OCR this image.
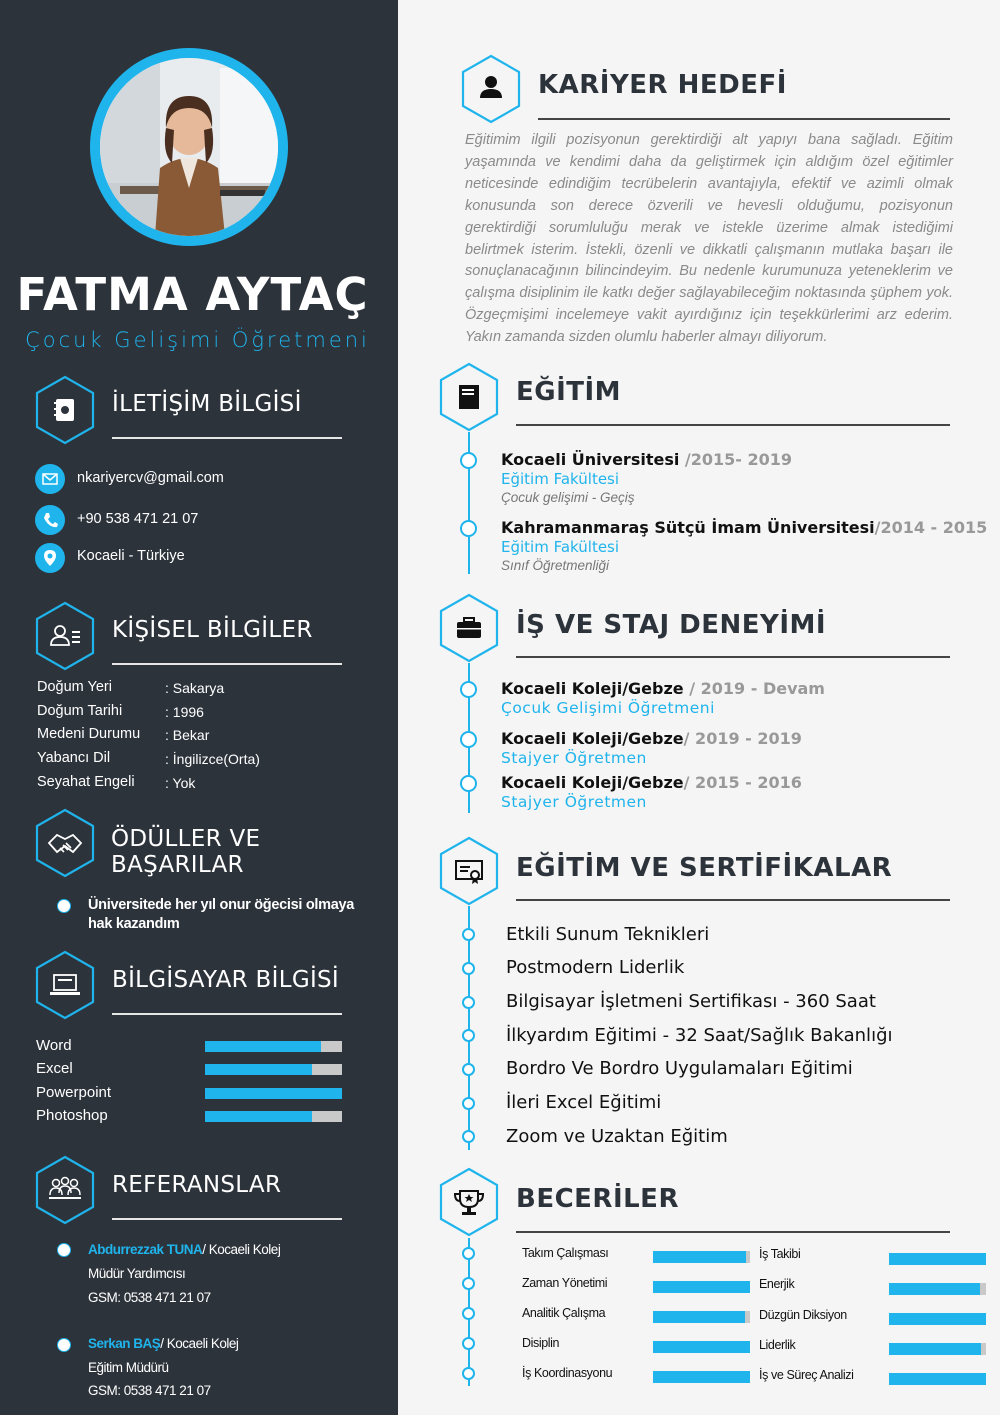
FATMA AYTAÇ
Çocuk Gelişimi Öğretmeni
İLETİŞİM BİLGİSİ
nkariyercv@gmail.com
+90 538 471 21 07
Kocaeli - Türkiye
KİŞİSEL BİLGİLER
Doğum Yeri	: Sakarya
Doğum Tarihi	: 1996
Medeni Durumu : Bekar
Yabancı Dil	: İngilizce(Orta)
Seyahat Engeli : Yok
ÖDÜLLER VE BAŞARILAR
Üniversitede her yıl onur öğecisi olmaya
hak kazandım
BİLGİSAYAR BİLGİSİ
Word
Excel
Powerpoint
Photoshop
REFERANSLAR
Abdurrezzak TUNA/ Kocaeli Kolej
Müdür Yardımcısı
GSM: 0538 471 21 07
Serkan BAŞ/ Kocaeli Kolej
Eğitim Müdürü
GSM: 0538 471 21 07
KARİYER HEDEFİ
Eğitimim ilgili pozisyonun gerektirdiği alt yapıyı bana sağladı. Eğitim yaşamında ve kendimi daha da geliştirmek için aldığım özel eğitimler neticesinde edindiğim tecrübelerin avantajıyla, efektif ve azimli olmak konusunda son derece özverili ve hevesli olduğumu, pozisyonun gerektirdiği sorumluluğu merak ve istekle üzerime almak istediğimi belirtmek isterim. İstekli, özenli ve dikkatli çalışmanın mutlaka başarı ile sonuçlanacağının bilincindeyim. Bu nedenle kurumunuza yeteneklerim ve çalışma disiplinim ile katkı değer sağlayabileceğim noktasında şüphem yok. Özgeçmişimi incelemeye vakit ayırdığınız için teşekkürlerimi arz ederim. Yakın zamanda sizden olumlu haberler almayı diliyorum.
EĞİTİM
Kocaeli Üniversitesi /2015- 2019
Eğitim Fakültesi
Çocuk gelişimi - Geçiş
Kahramanmaraş Sütçü İmam Üniversitesi/2014 - 2015
Eğitim Fakültesi
Sınıf Öğretmenliği
İŞ VE STAJ DENEYİMİ
Kocaeli Koleji/Gebze / 2019 - Devam
Çocuk Gelişimi Öğretmeni
Kocaeli Koleji/Gebze/ 2019 - 2019
Stajyer Öğretmen
Kocaeli Koleji/Gebze/ 2015 - 2016
Stajyer Öğretmen
EĞİTİM VE SERTİFİKALAR
Etkili Sunum Teknikleri
Postmodern Liderlik
Bilgisayar İşletmeni Sertifikası - 360 Saat
İlkyardım Eğitimi - 32 Saat/Sağlık Bakanlığı
Bordro Ve Bordro Uygulamaları Eğitimi
İleri Excel Eğitimi
Zoom ve Uzaktan Eğitim
BECERİLER
Takım Çalışması
Zaman Yönetimi
Analitik Çalışma
Disiplin
İş Koordinasyonu
İş Takibi
Enerjik
Düzgün Diksiyon
Liderlik
İş ve Süreç Analizi
